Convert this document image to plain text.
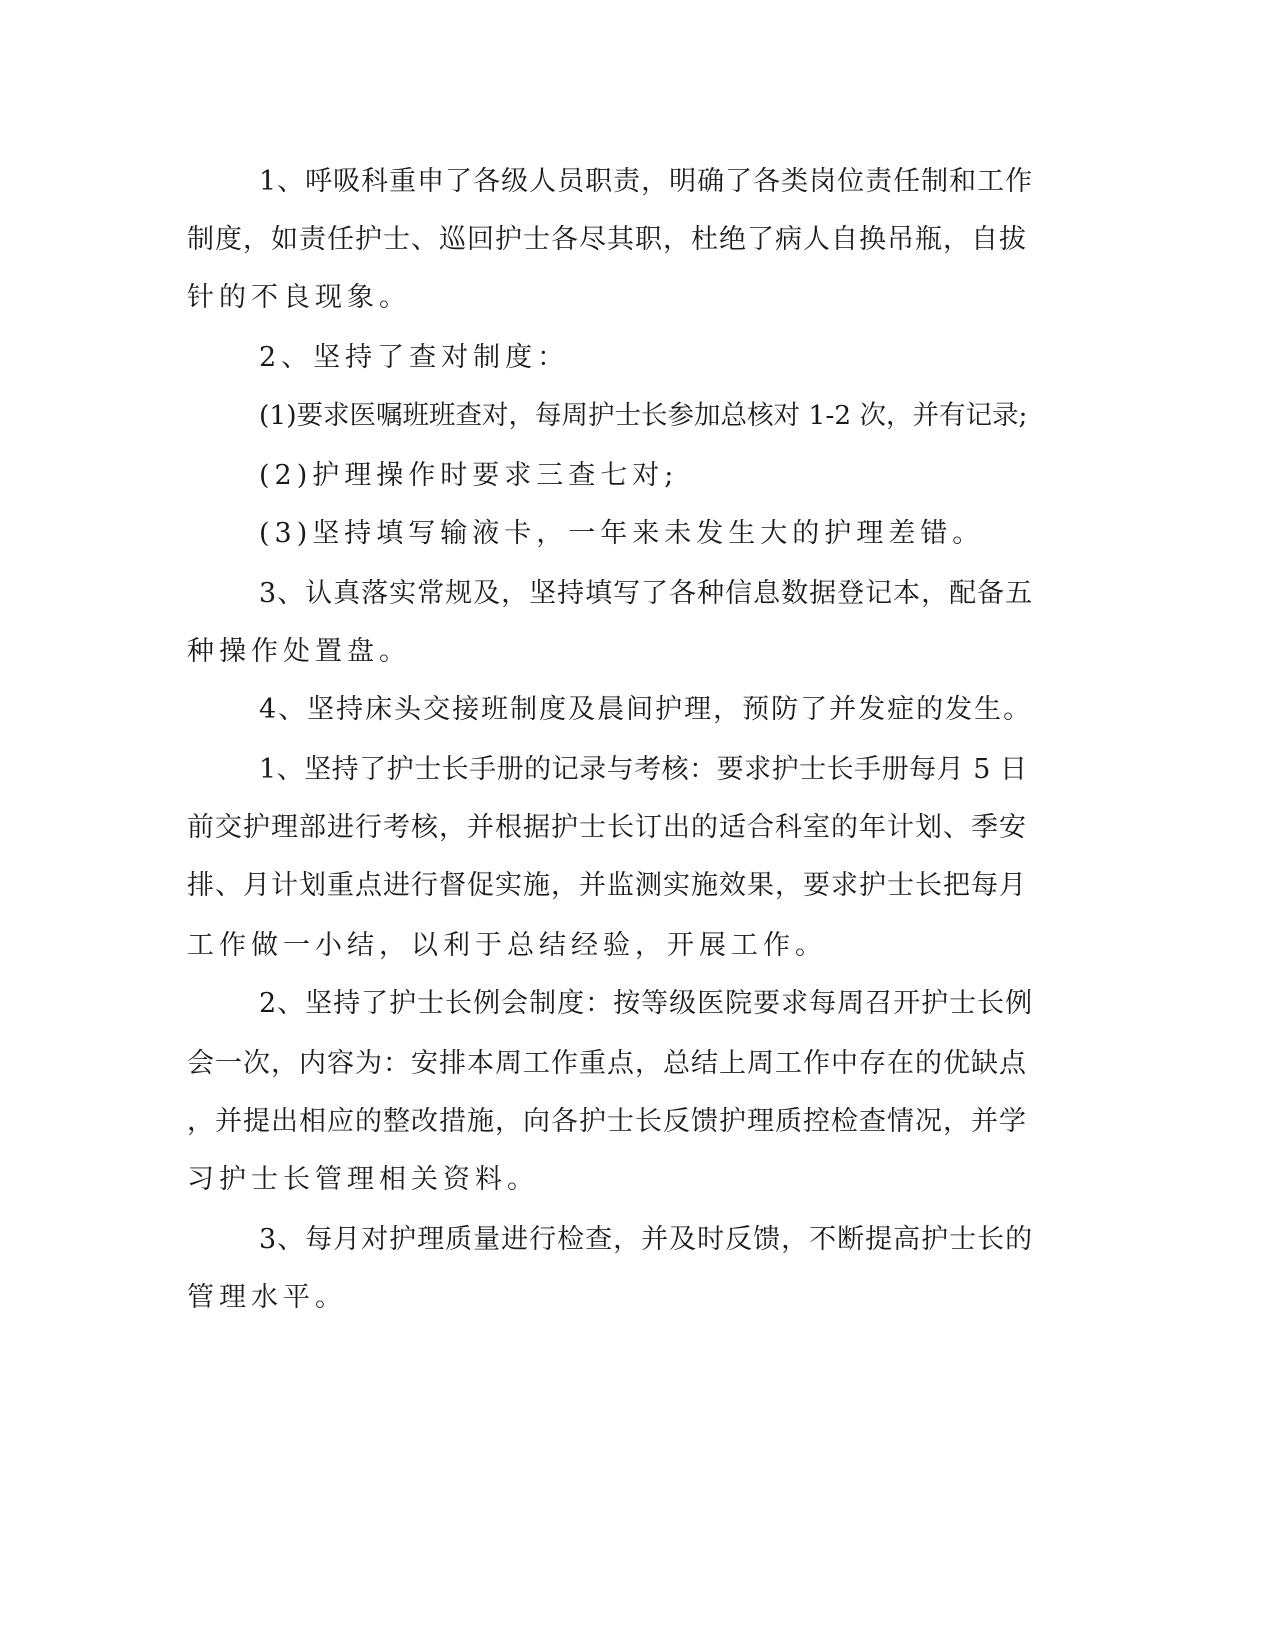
1、呼吸科重申了各级人员职责，明确了各类岗位责任制和工作

制度，如责任护士、巡回护士各尽其职，杜绝了病人自换吊瓶，自拔

针的不良现象。

2、坚持了查对制度：

(1)要求医嘱班班查对，每周护士长参加总核对 1-2 次，并有记录;

(2)护理操作时要求三查七对;

(3)坚持填写输液卡，一年来未发生大的护理差错。

3、认真落实常规及，坚持填写了各种信息数据登记本，配备五

种操作处置盘。

4、坚持床头交接班制度及晨间护理，预防了并发症的发生。

1、坚持了护士长手册的记录与考核：要求护士长手册每月 5 日

前交护理部进行考核，并根据护士长订出的适合科室的年计划、季安

排、月计划重点进行督促实施，并监测实施效果，要求护士长把每月

工作做一小结，以利于总结经验，开展工作。

2、坚持了护士长例会制度：按等级医院要求每周召开护士长例

会一次，内容为：安排本周工作重点，总结上周工作中存在的优缺点

，并提出相应的整改措施，向各护士长反馈护理质控检查情况，并学

习护士长管理相关资料。

3、每月对护理质量进行检查，并及时反馈，不断提高护士长的

管理水平。
